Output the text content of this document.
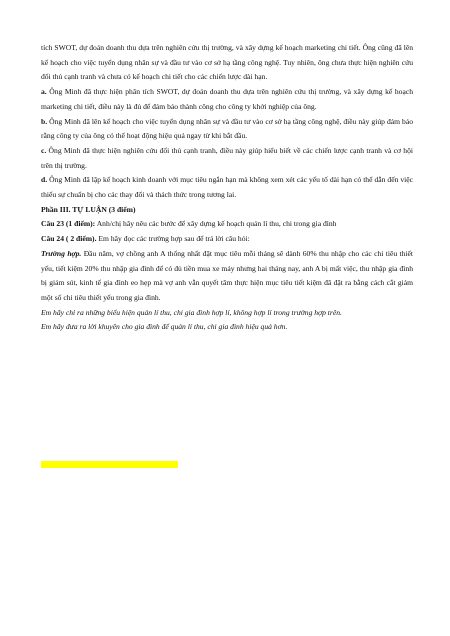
tích SWOT, dự đoán doanh thu dựa trên nghiên cứu thị trường, và xây dựng kế hoạch marketing chi tiết. Ông cũng đã lên kế hoạch cho việc tuyển dụng nhân sự và đầu tư vào cơ sở hạ tầng công nghệ. Tuy nhiên, ông chưa thực hiện nghiên cứu đối thủ cạnh tranh và chưa có kế hoạch chi tiết cho các chiến lược dài hạn.

a. Ông Minh đã thực hiện phân tích SWOT, dự đoán doanh thu dựa trên nghiên cứu thị trường, và xây dựng kế hoạch marketing chi tiết, điều này là đủ để đảm bảo thành công cho công ty khởi nghiệp của ông.

b. Ông Minh đã lên kế hoạch cho việc tuyển dụng nhân sự và đầu tư vào cơ sở hạ tầng công nghệ, điều này giúp đảm bảo rằng công ty của ông có thể hoạt động hiệu quả ngay từ khi bắt đầu.

c. Ông Minh đã thực hiện nghiên cứu đối thủ cạnh tranh, điều này giúp hiểu biết về các chiến lược cạnh tranh và cơ hội trên thị trường.

d. Ông Minh đã lập kế hoạch kinh doanh với mục tiêu ngắn hạn mà không xem xét các yếu tố dài hạn có thể dẫn đến việc thiếu sự chuẩn bị cho các thay đổi và thách thức trong tương lai.

Phần III. TỰ LUẬN (3 điểm)

Câu 23 (1 điểm): Anh/chị hãy nêu các bước để xây dựng kế hoạch quản lí thu, chi trong gia đình

Câu 24 ( 2 điểm). Em hãy đọc các trường hợp sau để trả lời câu hỏi:

Trường hợp. Đầu năm, vợ chồng anh A thống nhất đặt mục tiêu mỗi tháng sẽ dành 60% thu nhập cho các chi tiêu thiết yếu, tiết kiệm 20% thu nhập gia đình để có đủ tiền mua xe máy nhưng hai tháng nay, anh A bị mất việc, thu nhập gia đình bị giảm sút, kinh tế gia đình eo hẹp mà vợ anh vẫn quyết tâm thực hiện mục tiêu tiết kiệm đã đặt ra bằng cách cắt giảm một số chi tiêu thiết yếu trong gia đình.

Em hãy chỉ ra những biểu hiện quản lí thu, chi gia đình hợp lí, không hợp lí trong trường hợp trên.

Em hãy đưa ra lời khuyên cho gia đình để quản lí thu, chi gia đình hiệu quả hơn.
